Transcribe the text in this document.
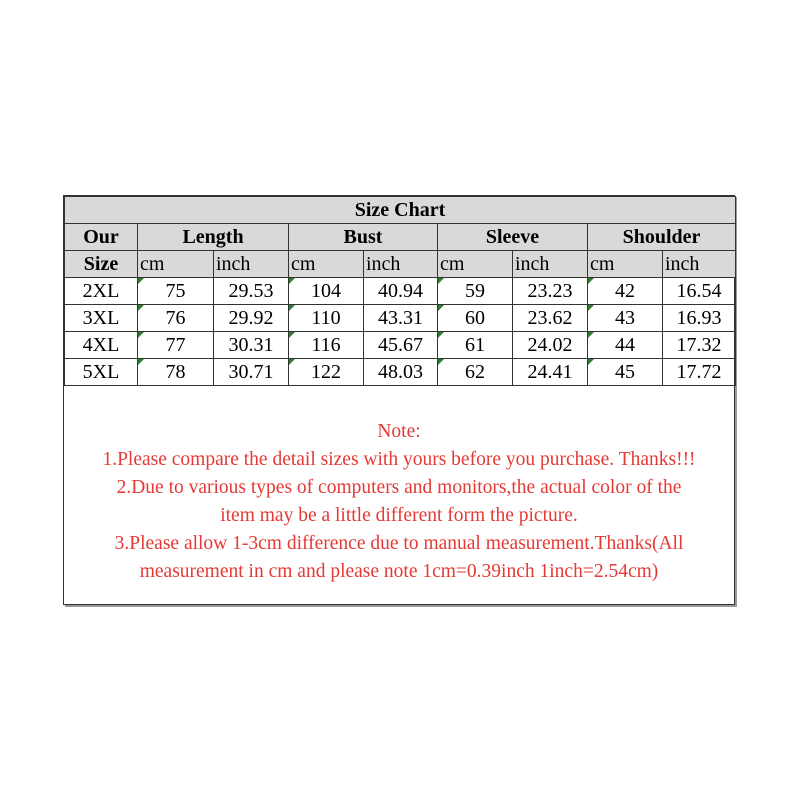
Size Chart								
Our	Length		Bust		Sleeve		Shoulder	
Size	cm	inch	cm	inch	cm	inch	cm	inch
2XL	75	29.53	104	40.94	59	23.23	42	16.54
3XL	76	29.92	110	43.31	60	23.62	43	16.93
4XL	77	30.31	116	45.67	61	24.02	44	17.32
5XL	78	30.71	122	48.03	62	24.41	45	17.72
Note:
1.Please compare the detail sizes with yours before you purchase. Thanks!!!
2.Due to various types of computers and monitors,the actual color of the
item may be a little different form the picture.
3.Please allow 1-3cm difference due to manual measurement.Thanks(All
measurement in cm and please note 1cm=0.39inch 1inch=2.54cm)
